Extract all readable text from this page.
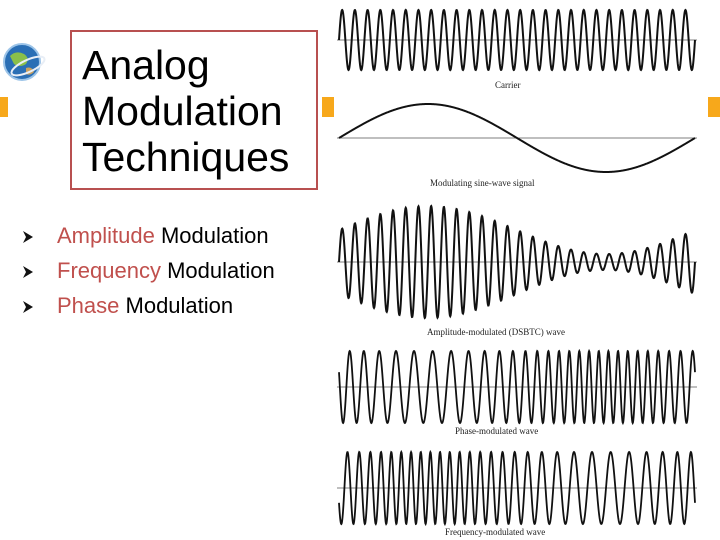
Analog
Modulation
Techniques
Amplitude Modulation
Frequency Modulation
Phase Modulation
Carrier
Modulating sine-wave signal
Amplitude-modulated (DSBTC) wave
Phase-modulated wave
Frequency-modulated wave
